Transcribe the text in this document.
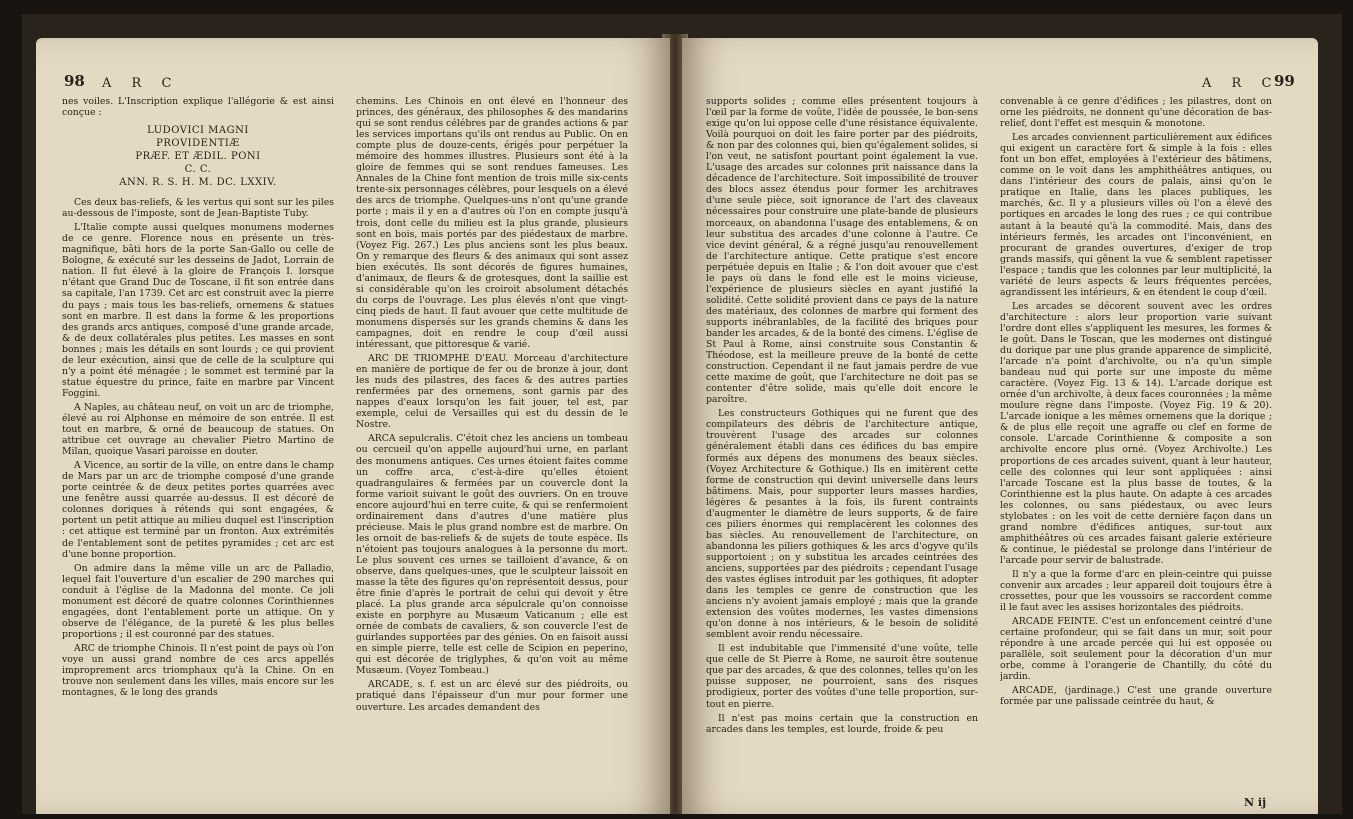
98 A R C

nes voiles. L'Inscription explique l'allégorie & est ainsi conçue :

LUDOVICI MAGNI
PROVIDENTIÆ
PRÆF. ET ÆDIL. PONI
C. C.
ANN. R. S. H. M. DC. LXXIV.

Ces deux bas-reliefs, & les vertus qui sont sur les piles au-dessous de l'imposte, sont de Jean-Baptiste Tuby.

L'Italie compte aussi quelques monumens modernes de ce genre. Florence nous en présente un très-magnifique, bâti hors de la porte San-Gallo ou celle de Bologne, & exécuté sur les desseins de Jadot, Lorrain de nation. Il fut élevé à la gloire de François I. lorsque n'étant que Grand Duc de Toscane, il fit son entrée dans sa capitale, l'an 1739. Cet arc est construit avec la pierre du pays ; mais tous les bas-reliefs, ornemens & statues sont en marbre. Il est dans la forme & les proportions des grands arcs antiques, composé d'une grande arcade, & de deux collatérales plus petites. Les masses en sont bonnes ; mais les détails en sont lourds ; ce qui provient de leur exécution, ainsi que de celle de la sculpture qui n'y a point été ménagée ; le sommet est terminé par la statue équestre du prince, faite en marbre par Vincent Foggini.

A Naples, au château neuf, on voit un arc de triomphe, élevé au roi Alphonse en mémoire de son entrée. Il est tout en marbre, & orné de beaucoup de statues. On attribue cet ouvrage au chevalier Pietro Martino de Milan, quoique Vasari paroisse en douter.

A Vicence, au sortir de la ville, on entre dans le champ de Mars par un arc de triomphe composé d'une grande porte ceintrée & de deux petites portes quarrées avec une fenêtre aussi quarrée au-dessus. Il est décoré de colonnes doriques à rétends qui sont engagées, & portent un petit attique au milieu duquel est l'inscription : cet attique est terminé par un fronton. Aux extrémités de l'entablement sont de petites pyramides ; cet arc est d'une bonne proportion.

On admire dans la même ville un arc de Palladio, lequel fait l'ouverture d'un escalier de 290 marches qui conduit à l'église de la Madonna del monte. Ce joli monument est décoré de quatre colonnes Corinthiennes engagées, dont l'entablement porte un attique. On y observe de l'élégance, de la pureté & les plus belles proportions ; il est couronné par des statues.

ARC de triomphe Chinois. Il n'est point de pays où l'on voye un aussi grand nombre de ces arcs appellés improprement arcs triomphaux qu'à la Chine. On en trouve non seulement dans les villes, mais encore sur les montagnes, & le long des grands

chemins. Les Chinois en ont élevé en l'honneur des princes, des généraux, des philosophes & des mandarins qui se sont rendus célébres par de grandes actions & par les services importans qu'ils ont rendus au Public. On en compte plus de douze-cents, érigés pour perpétuer la mémoire des hommes illustres. Plusieurs sont été à la gloire de femmes qui se sont rendues fameuses. Les Annales de la Chine font mention de trois mille six-cents trente-six personnages célèbres, pour lesquels on a élevé des arcs de triomphe. Quelques-uns n'ont qu'une grande porte ; mais il y en a d'autres où l'on en compte jusqu'à trois, dont celle du milieu est la plus grande, plusieurs sont en bois, mais portés par des piédestaux de marbre. (Voyez Fig. 267.) Les plus anciens sont les plus beaux. On y remarque des fleurs & des animaux qui sont assez bien exécutés. Ils sont décorés de figures humaines, d'animaux, de fleurs & de grotesques, dont la saillie est si considérable qu'on les croiroit absolument détachés du corps de l'ouvrage. Les plus élevés n'ont que vingt-cinq pieds de haut. Il faut avouer que cette multitude de monumens dispersés sur les grands chemins & dans les campagnes, doit en rendre le coup d'œil aussi intéressant, que pittoresque & varié.

ARC DE TRIOMPHE D'EAU. Morceau d'architecture en manière de portique de fer ou de bronze à jour, dont les nuds des pilastres, des faces & des autres parties renfermées par des ornemens, sont garnis par des nappes d'eaux lorsqu'on les fait jouer, tel est, par exemple, celui de Versailles qui est du dessin de le Nostre.

ARCA sepulcralis. C'étoit chez les anciens un tombeau ou cercueil qu'on appelle aujourd'hui urne, en parlant des monumens antiques. Ces urnes étoient faites comme un coffre arca, c'est-à-dire qu'elles étoient quadrangulaires & fermées par un couvercle dont la forme varioit suivant le goût des ouvriers. On en trouve encore aujourd'hui en terre cuite, & qui se renfermoient ordinairement dans d'autres d'une matière plus précieuse. Mais le plus grand nombre est de marbre. On les ornoit de bas-reliefs & de sujets de toute espèce. Ils n'étoient pas toujours analogues à la personne du mort. Le plus souvent ces urnes se tailloient d'avance, & on observe, dans quelques-unes, que le sculpteur laissoit en masse la tête des figures qu'on représentoit dessus, pour être finie d'après le portrait de celui qui devoit y être placé. La plus grande arca sépulcrale qu'on connoisse existe en porphyre au Musæum Vaticanum ; elle est ornée de combats de cavaliers, & son couvercle l'est de guirlandes supportées par des génies. On en faisoit aussi en simple pierre, telle est celle de Scipion en peperino, qui est décorée de triglyphes, & qu'on voit au même Musæum. (Voyez Tombeau.)

ARCADE, s. f. est un arc élevé sur des piédroits, ou pratiqué dans l'épaisseur d'un mur pour former une ouverture. Les arcades demandent des

A R C
99

supports solides ; comme elles présentent toujours à l'œil par la forme de voûte, l'idée de poussée, le bon-sens exige qu'on lui oppose celle d'une résistance équivalente. Voilà pourquoi on doit les faire porter par des piédroits, & non par des colonnes qui, bien qu'également solides, si l'on veut, ne satisfont pourtant point également la vue. L'usage des arcades sur colonnes prit naissance dans la décadence de l'architecture. Soit impossibilité de trouver des blocs assez étendus pour former les architraves d'une seule pièce, soit ignorance de l'art des claveaux nécessaires pour construire une plate-bande de plusieurs morceaux, on abandonna l'usage des entablemens, & on leur substitua des arcades d'une colonne à l'autre. Ce vice devint général, & a régné jusqu'au renouvellement de l'architecture antique. Cette pratique s'est encore perpétuée depuis en Italie ; & l'on doit avouer que c'est le pays où dans le fond elle est le moins vicieuse, l'expérience de plusieurs siècles en ayant justifié la solidité. Cette solidité provient dans ce pays de la nature des matériaux, des colonnes de marbre qui forment des supports inébranlables, de la facilité des briques pour bander les arcades, & de la bonté des cimens. L'église de St Paul à Rome, ainsi construite sous Constantin & Théodose, est la meilleure preuve de la bonté de cette construction. Cependant il ne faut jamais perdre de vue cette maxime de goût, que l'architecture ne doit pas se contenter d'être solide, mais qu'elle doit encore le paroître.

Les constructeurs Gothiques qui ne furent que des compilateurs des débris de l'architecture antique, trouvèrent l'usage des arcades sur colonnes généralement établi dans ces édifices du bas empire formés aux dépens des monumens des beaux siècles. (Voyez Architecture & Gothique.) Ils en imitèrent cette forme de construction qui devint universelle dans leurs bâtimens. Mais, pour supporter leurs masses hardies, légères & pesantes à la fois, ils furent contraints d'augmenter le diamètre de leurs supports, & de faire ces piliers énormes qui remplacèrent les colonnes des bas siècles. Au renouvellement de l'architecture, on abandonna les piliers gothiques & les arcs d'ogyve qu'ils supportoient ; on y substitua les arcades ceintrées des anciens, supportées par des piédroits ; cependant l'usage des vastes églises introduit par les gothiques, fit adopter dans les temples ce genre de construction que les anciens n'y avoient jamais employé ; mais que la grande extension des voûtes modernes, les vastes dimensions qu'on donne à nos intérieurs, & le besoin de solidité semblent avoir rendu nécessaire.

Il est indubitable que l'immensité d'une voûte, telle que celle de St Pierre à Rome, ne sauroit être soutenue que par des arcades, & que des colonnes, telles qu'on les puisse supposer, ne pourroient, sans des risques prodigieux, porter des voûtes d'une telle proportion, sur-tout en pierre.

Il n'est pas moins certain que la construction en arcades dans les temples, est lourde, froide & peu

convenable à ce genre d'édifices ; les pilastres, dont on orne les piédroits, ne donnent qu'une décoration de bas-relief, dont l'effet est mesquin & monotone.

Les arcades conviennent particulièrement aux édifices qui exigent un caractère fort & simple à la fois : elles font un bon effet, employées à l'extérieur des bâtimens, comme on le voit dans les amphithéâtres antiques, ou dans l'intérieur des cours de palais, ainsi qu'on le pratique en Italie, dans les places publiques, les marchés, &c. Il y a plusieurs villes où l'on a élevé des portiques en arcades le long des rues ; ce qui contribue autant à la beauté qu'à la commodité. Mais, dans des intérieurs fermés, les arcades ont l'inconvénient, en procurant de grandes ouvertures, d'exiger de trop grands massifs, qui gênent la vue & semblent rapetisser l'espace ; tandis que les colonnes par leur multiplicité, la variété de leurs aspects & leurs fréquentes percées, agrandissent les intérieurs, & en étendent le coup d'œil.

Les arcades se décorent souvent avec les ordres d'architecture : alors leur proportion varie suivant l'ordre dont elles s'appliquent les mesures, les formes & le goût. Dans le Toscan, que les modernes ont distingué du dorique par une plus grande apparence de simplicité, l'arcade n'a point d'archivolte, ou n'a qu'un simple bandeau nud qui porte sur une imposte du même caractère. (Voyez Fig. 13 & 14). L'arcade dorique est ornée d'un archivolte, à deux faces couronnées ; la même moulure règne dans l'imposte. (Voyez Fig. 19 & 20). L'arcade ionique a les mêmes ornemens que la dorique ; & de plus elle reçoit une agraffe ou clef en forme de console. L'arcade Corinthienne & composite a son archivolte encore plus orné. (Voyez Archivolte.) Les proportions de ces arcades suivent, quant à leur hauteur, celle des colonnes qui leur sont appliquées : ainsi l'arcade Toscane est la plus basse de toutes, & la Corinthienne est la plus haute. On adapte à ces arcades les colonnes, ou sans piédestaux, ou avec leurs stylobates : on les voit de cette dernière façon dans un grand nombre d'édifices antiques, sur-tout aux amphithéâtres où ces arcades faisant galerie extérieure & continue, le piédestal se prolonge dans l'intérieur de l'arcade pour servir de balustrade.

Il n'y a que la forme d'arc en plein-ceintre qui puisse convenir aux arcades ; leur appareil doit toujours être à crossettes, pour que les voussoirs se raccordent comme il le faut avec les assises horizontales des piédroits.

ARCADE FEINTE. C'est un enfoncement ceintré d'une certaine profondeur, qui se fait dans un mur, soit pour répondre à une arcade percée qui lui est opposée ou parallèle, soit seulement pour la décoration d'un mur orbe, comme à l'orangerie de Chantilly, du côté du jardin.

ARCADE, (jardinage.) C'est une grande ouverture formée par une palissade ceintrée du haut, &

N ij
